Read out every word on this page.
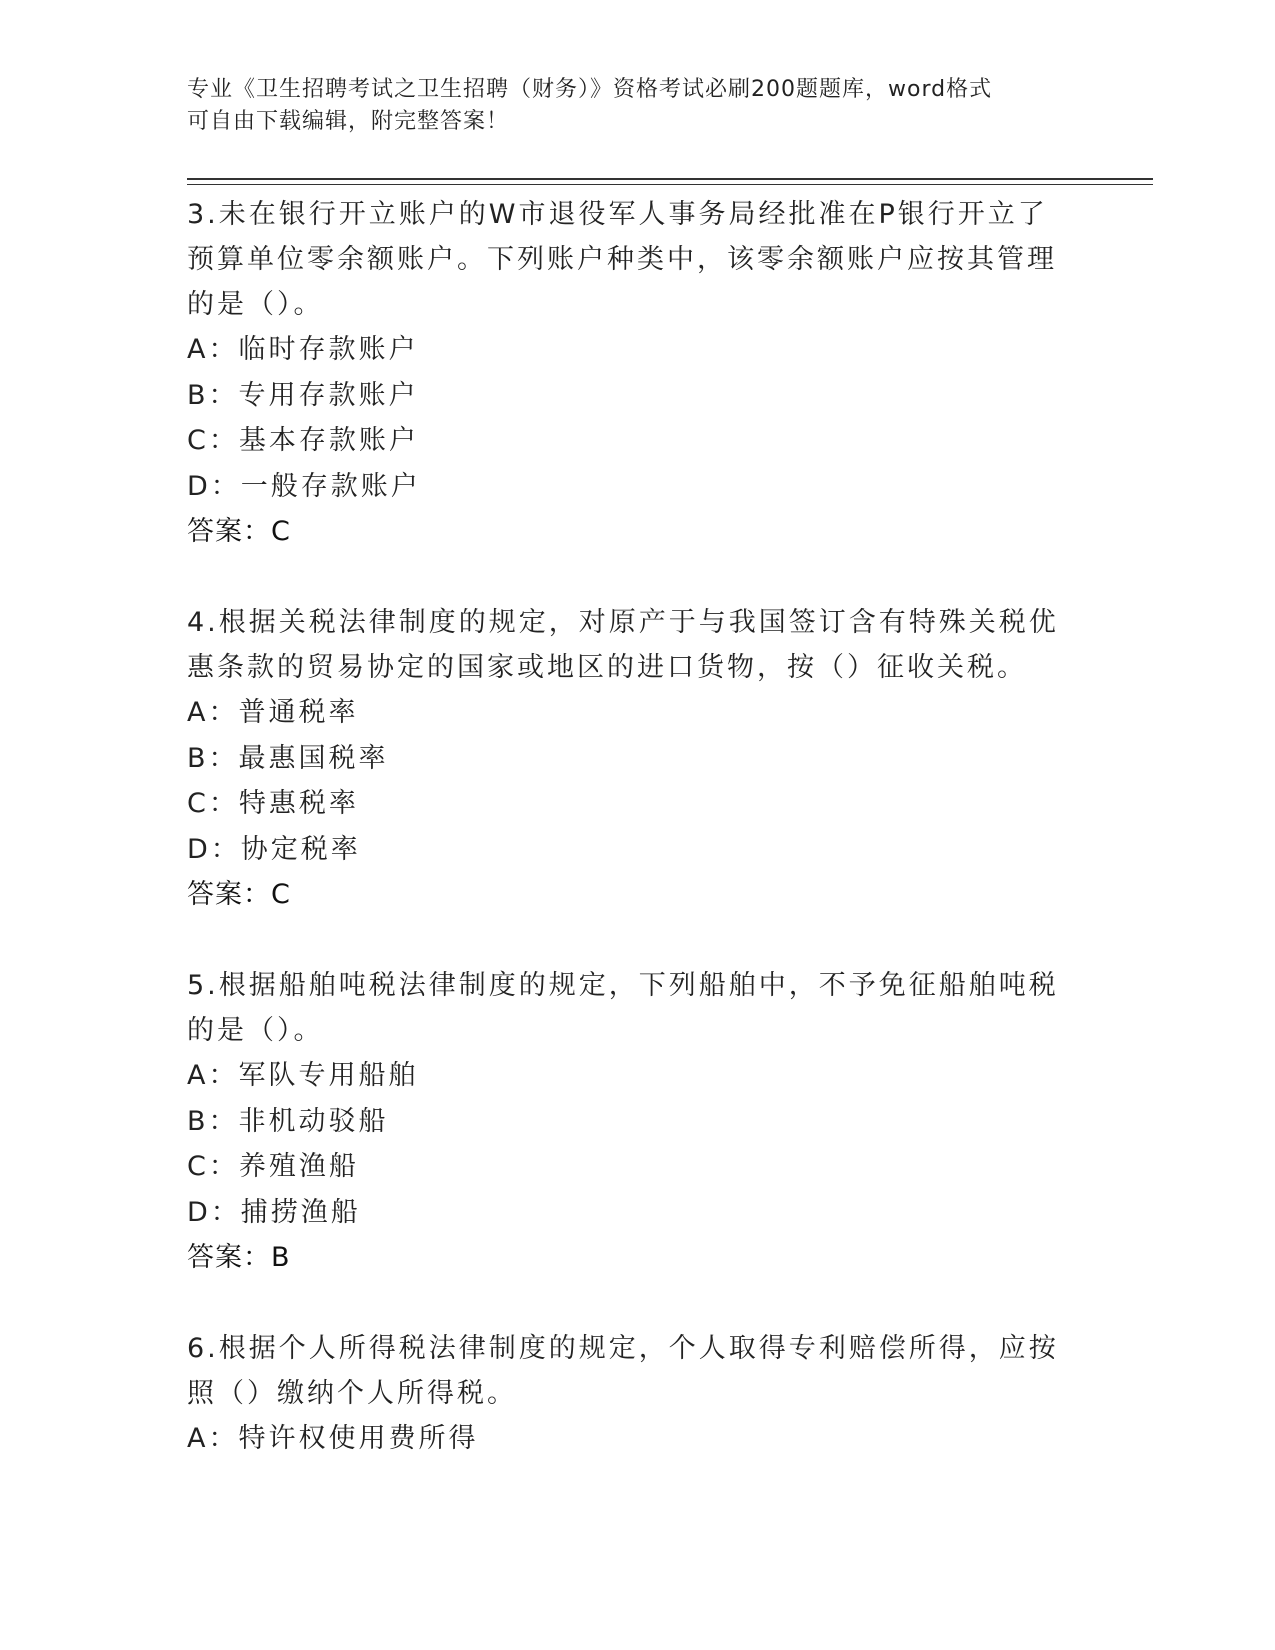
专业《卫生招聘考试之卫生招聘（财务）》资格考试必刷200题题库，word格式
可自由下载编辑，附完整答案！
3.未在银行开立账户的W市退役军人事务局经批准在P银行开立了预算单位零余额账户。下列账户种类中，该零余额账户应按其管理的是（）。
A：临时存款账户
B：专用存款账户
C：基本存款账户
D：一般存款账户
答案：C
4.根据关税法律制度的规定，对原产于与我国签订含有特殊关税优惠条款的贸易协定的国家或地区的进口货物，按（）征收关税。
A：普通税率
B：最惠国税率
C：特惠税率
D：协定税率
答案：C
5.根据船舶吨税法律制度的规定，下列船舶中，不予免征船舶吨税的是（）。
A：军队专用船舶
B：非机动驳船
C：养殖渔船
D：捕捞渔船
答案：B
6.根据个人所得税法律制度的规定，个人取得专利赔偿所得，应按照（）缴纳个人所得税。
A：特许权使用费所得
